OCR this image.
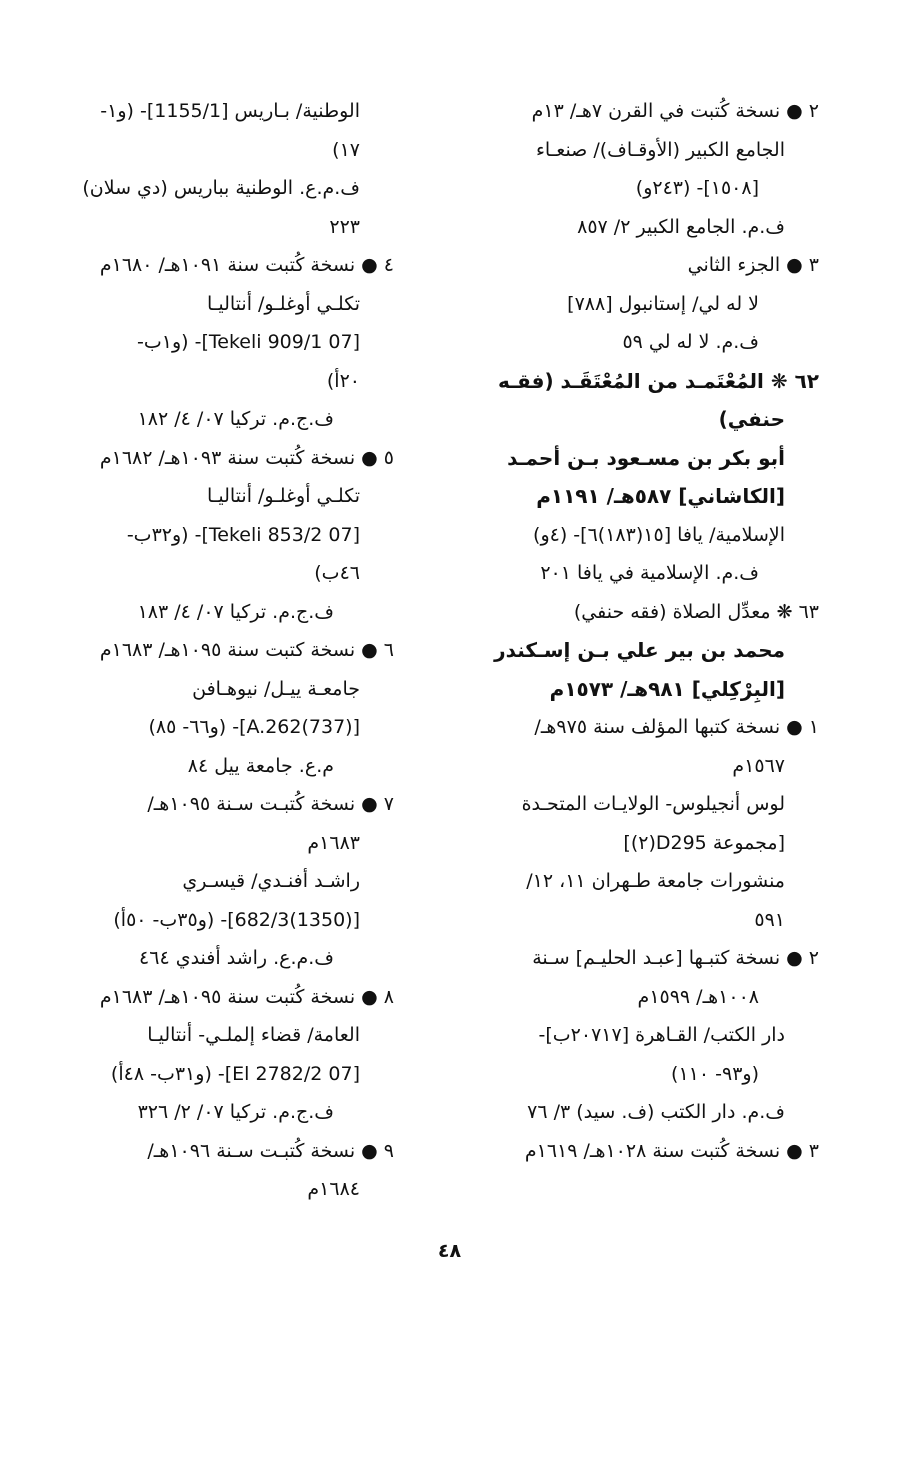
٢ ● نسخة كُتبت في القرن ٧هـ/ ١٣م
الجامع الكبير (الأوقـاف)/ صنعـاء
[١٥٠٨]- (٢٤٣و)
ف.م. الجامع الكبير ٢/ ٨٥٧
٣ ● الجزء الثاني
لا له لي/ إستانبول [٧٨٨]
ف.م. لا له لي ٥٩
٦٢ ❋ المُعْتَمـد من المُعْتَقَـد (فقـه
حنفي)
أبو بكر بن مسـعود بـن أحمـد
[الكاشاني] ٥٨٧هـ/ ١١٩١م
الإسلامية/ يافا [١٥(١٨٣)٦]- (٤و)
ف.م. الإسلامية في يافا ٢٠١
٦٣ ❋ معدِّل الصلاة (فقه حنفي)
محمد بن بير علي بـن إسـكندر
[البِرْكِلي] ٩٨١هـ/ ١٥٧٣م
١ ● نسخة كتبها المؤلف سنة ٩٧٥هـ/
١٥٦٧م
لوس أنجيلوس- الولايـات المتحـدة
[مجموعة D295(٢)]
منشورات جامعة طـهران ١١، ١٢/
٥٩١
٢ ● نسخة كتبـها [عبـد الحليـم] سـنة
١٠٠٨هـ/ ١٥٩٩م
دار الكتب/ القـاهرة [٢٠٧١٧ب]-
(و٩٣- ١١٠)
ف.م. دار الكتب (ف. سيد) ٣/ ٧٦
٣ ● نسخة كُتبت سنة ١٠٢٨هـ/ ١٦١٩م
الوطنية/ بـاريس [1155/1]- (و١-
١٧)
ف.م.ع. الوطنية بباريس (دي سلان)
٢٢٣
٤ ● نسخة كُتبت سنة ١٠٩١هـ/ ١٦٨٠م
تكلـي أوغلـو/ أنتاليـا
[07 Tekeli 909/1]- (و١ب-
٢٠أ)
ف.ج.م. تركيا ٠٧/ ٤/ ١٨٢
٥ ● نسخة كُتبت سنة ١٠٩٣هـ/ ١٦٨٢م
تكلـي أوغلـو/ أنتاليـا
[07 Tekeli 853/2]- (و٣٢ب-
٤٦ب)
ف.ج.م. تركيا ٠٧/ ٤/ ١٨٣
٦ ● نسخة كتبت سنة ١٠٩٥هـ/ ١٦٨٣م
جامعـة ييـل/ نيوهـافن
[(737)A.262]- (و٦٦- ٨٥)
م.ع. جامعة ييل ٨٤
٧ ● نسخة كُتبـت سـنة ١٠٩٥هـ/
١٦٨٣م
راشـد أفنـدي/ قيسـري
[(1350)682/3]- (و٣٥ب- ٥٠أ)
ف.م.ع. راشد أفندي ٤٦٤
٨ ● نسخة كُتبت سنة ١٠٩٥هـ/ ١٦٨٣م
العامة/ قضاء إلملـي- أنتاليـا
[07 El 2782/2]- (و٣١ب- ٤٨أ)
ف.ج.م. تركيا ٠٧/ ٢/ ٣٢٦
٩ ● نسخة كُتبـت سـنة ١٠٩٦هـ/
١٦٨٤م
٤٨
